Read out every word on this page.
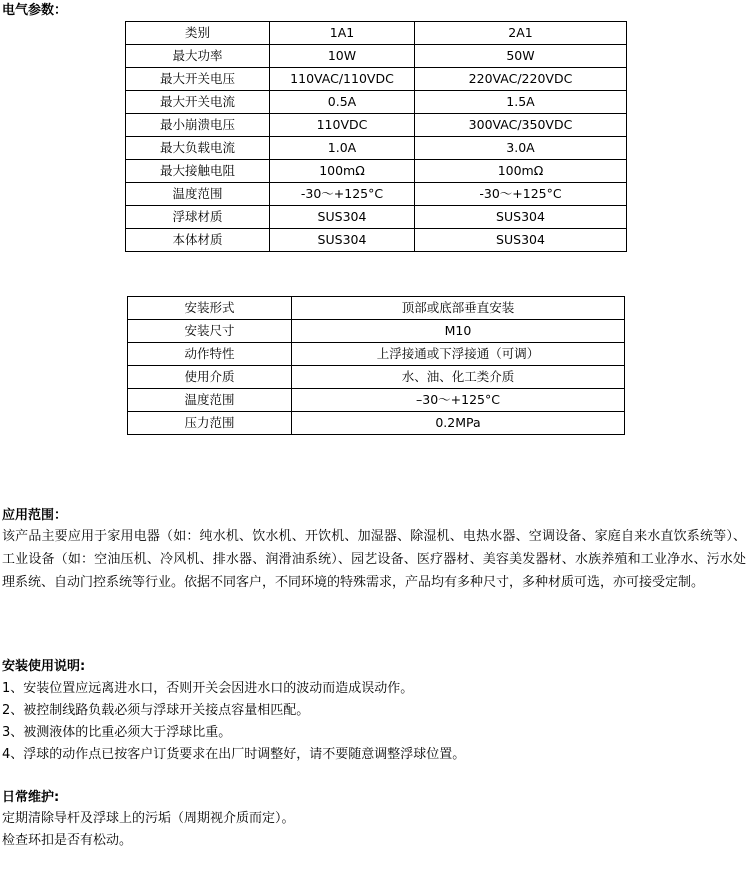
电气参数：
类别	1A1	2A1
最大功率	10W	50W
最大开关电压	110VAC/110VDC	220VAC/220VDC
最大开关电流	0.5A	1.5A
最小崩溃电压	110VDC	300VAC/350VDC
最大负载电流	1.0A	3.0A
最大接触电阻	100mΩ	100mΩ
温度范围	-30～+125°C	-30～+125°C
浮球材质	SUS304	SUS304
本体材质	SUS304	SUS304
安装形式	顶部或底部垂直安装
安装尺寸	M10
动作特性	上浮接通或下浮接通（可调）
使用介质	水、油、化工类介质
温度范围	–30～+125°C
压力范围	0.2MPa
应用范围：
该产品主要应用于家用电器（如：纯水机、饮水机、开饮机、加湿器、除湿机、电热水器、空调设备、家庭自来水直饮系统等）、工业设备（如：空油压机、冷风机、排水器、润滑油系统）、园艺设备、医疗器材、美容美发器材、水族养殖和工业净水、污水处理系统、自动门控系统等行业。依据不同客户，不同环境的特殊需求，产品均有多种尺寸，多种材质可选，亦可接受定制。
安装使用说明:
1、安装位置应远离进水口，否则开关会因进水口的波动而造成误动作。
2、被控制线路负载必须与浮球开关接点容量相匹配。
3、被测液体的比重必须大于浮球比重。
4、浮球的动作点已按客户订货要求在出厂时调整好，请不要随意调整浮球位置。
日常维护:
定期清除导杆及浮球上的污垢（周期视介质而定）。
检查环扣是否有松动。
